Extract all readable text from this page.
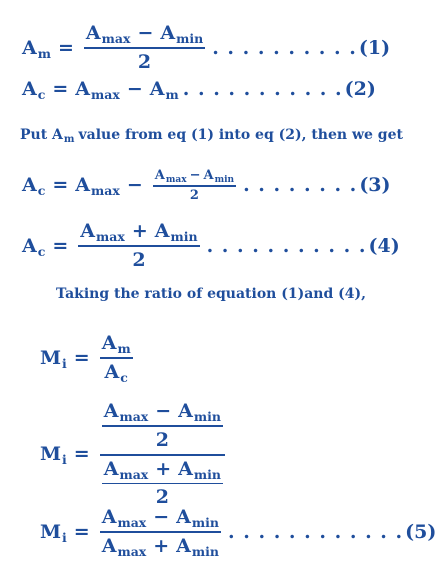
A $m = \frac{\text{A max − A min}}{2}$ . . . . . . . . . . (1)
A c = A max − A m . . . . . . . . . . . (2)
Put A m value from eq (1) into eq (2), then we get
A c = A $\max - \frac{\text{A max − A min}}{2}$ . . . . . . . . (3)
A $c = \frac{\text{A max + A min}}{2}$ . . . . . . . . . . . (4)
Taking the ratio of equation (1)and (4),
M $i = \frac{\text{A m}}{\text{A c}}$
M i =
$\frac{\text{A max − A min}}{2}$
$\frac{\text{A max + A min}}{2}$
M $i = \frac{\text{A max − A min}}{\text{A max + A min}}$ . . . . . . . . . . . . (5)
